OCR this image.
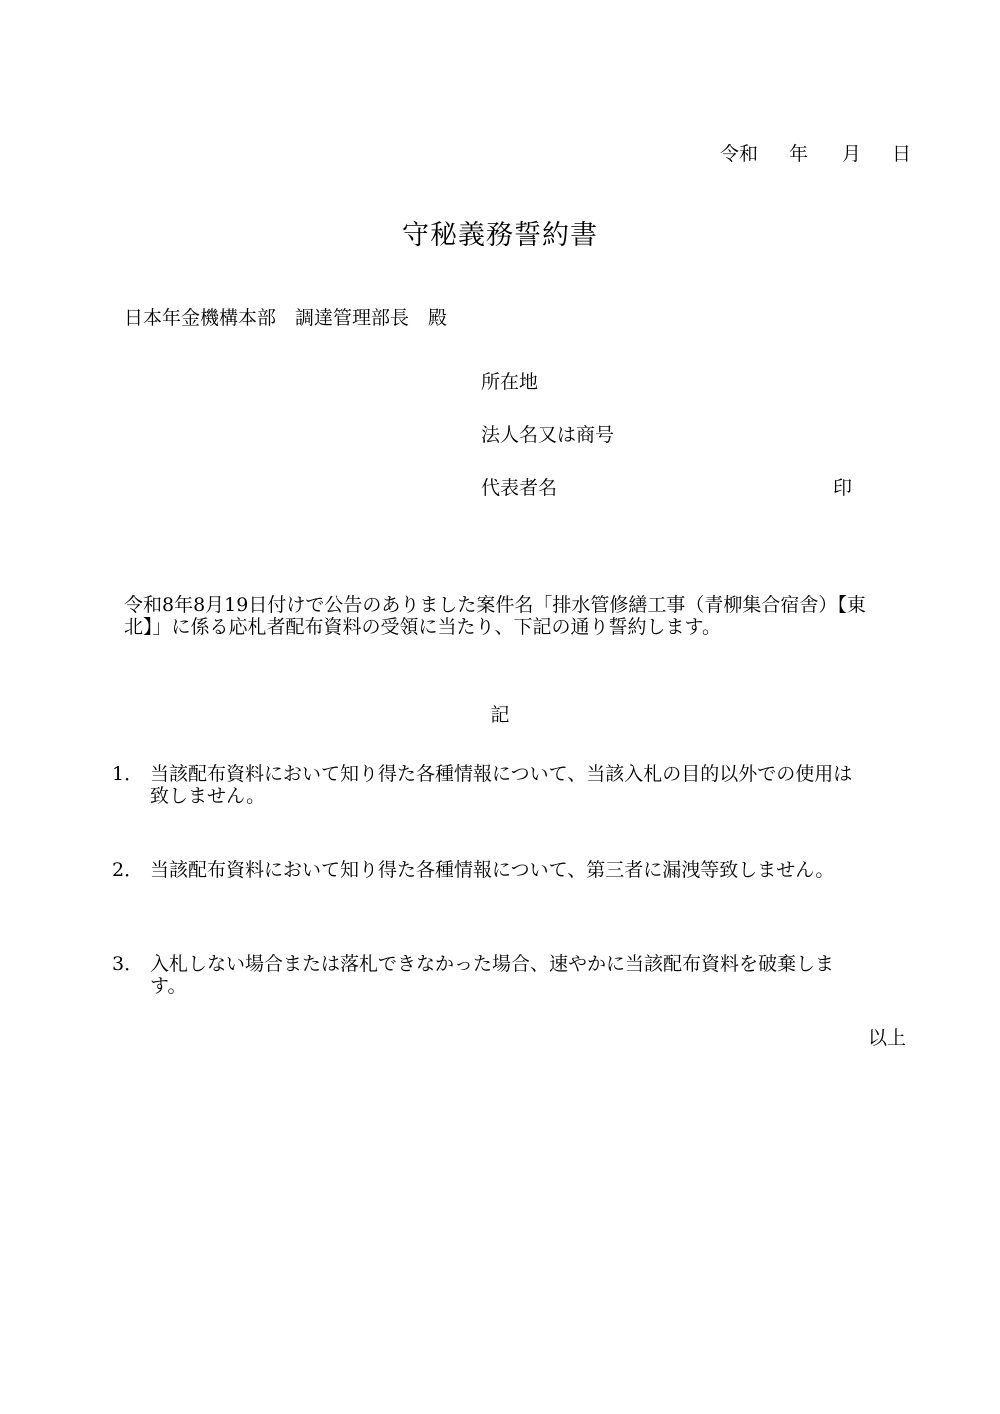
令和 年 月 日
守秘義務誓約書
日本年金機構本部　調達管理部長　殿
所在地
法人名又は商号
代表者名	印
令和8年8月19日付けで公告のありました案件名「排水管修繕工事（青柳集合宿舎）【東
北】」に係る応札者配布資料の受領に当たり、下記の通り誓約します。
記
1． 当該配布資料において知り得た各種情報について、当該入札の目的以外での使用は
致しません。
2． 当該配布資料において知り得た各種情報について、第三者に漏洩等致しません。
3． 入札しない場合または落札できなかった場合、速やかに当該配布資料を破棄しま
す。
以上
